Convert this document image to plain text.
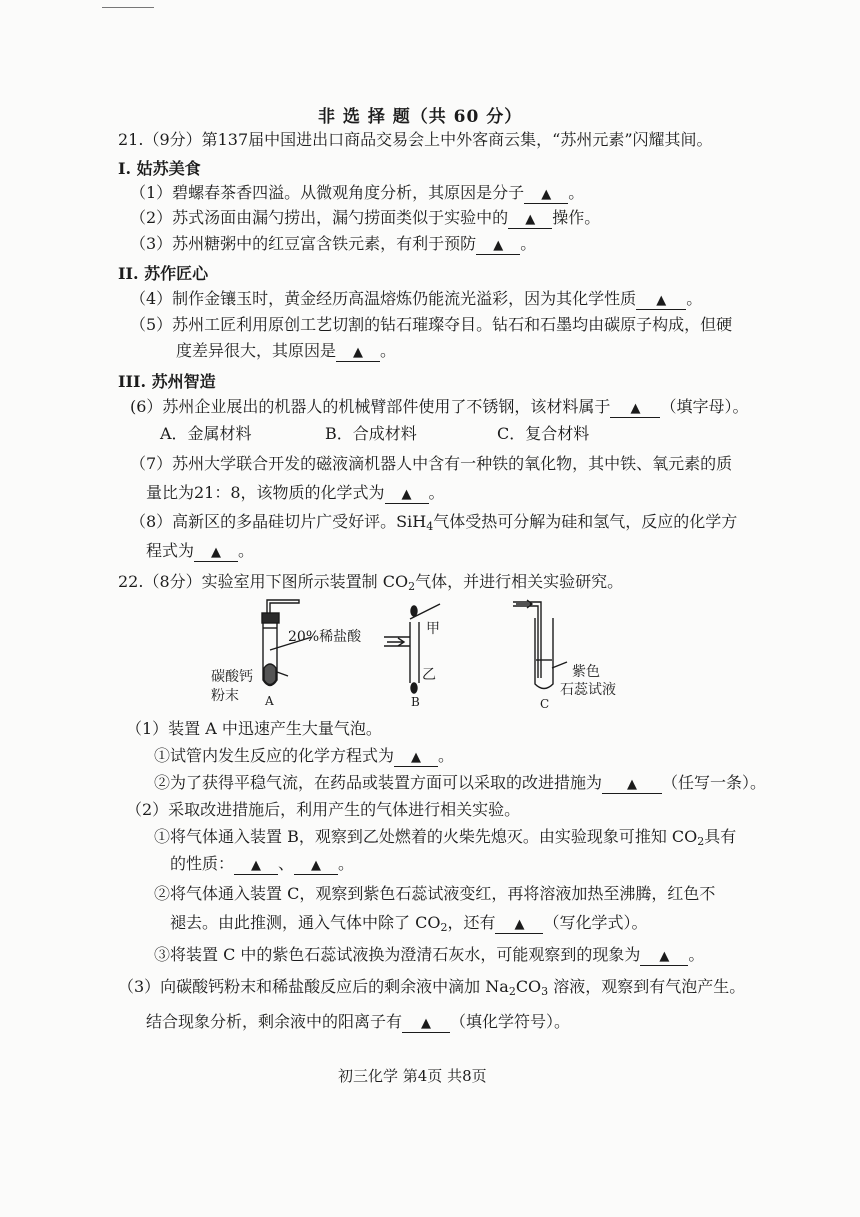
非 选 择 题（共 60 分）
21.（9分）第137届中国进出口商品交易会上中外客商云集，“苏州元素”闪耀其间。
I. 姑苏美食
（1）碧螺春茶香四溢。从微观角度分析，其原因是分子 ▲ 。
（2）苏式汤面由漏勺捞出，漏勺捞面类似于实验中的 ▲ 操作。
（3）苏州糖粥中的红豆富含铁元素，有利于预防 ▲ 。
II. 苏作匠心
（4）制作金镶玉时，黄金经历高温熔炼仍能流光溢彩，因为其化学性质 ▲ 。
（5）苏州工匠利用原创工艺切割的钻石璀璨夺目。钻石和石墨均由碳原子构成，但硬
度差异很大，其原因是 ▲ 。
III. 苏州智造
(6）苏州企业展出的机器人的机械臂部件使用了不锈钢，该材料属于 ▲ （填字母）。
A．金属材料	B．合成材料	C．复合材料
（7）苏州大学联合开发的磁液滴机器人中含有一种铁的氧化物，其中铁、氧元素的质
量比为21：8，该物质的化学式为 ▲ 。
（8）高新区的多晶硅切片广受好评。SiH$_4$气体受热可分解为硅和氢气，反应的化学方
程式为 ▲ 。
22.（8分）实验室用下图所示装置制 $CO_2$气体，并进行相关实验研究。
碳酸钙
粉末
20%稀盐酸
A
甲
乙
B
紫色
石蕊试液
C
（1）装置 A 中迅速产生大量气泡。
①试管内发生反应的化学方程式为 ▲ 。
②为了获得平稳气流，在药品或装置方面可以采取的改进措施为 ▲ （任写一条）。
（2）采取改进措施后，利用产生的气体进行相关实验。
①将气体通入装置 B，观察到乙处燃着的火柴先熄灭。由实验现象可推知 $CO_2$具有
的性质： ▲ 、 ▲ 。
②将气体通入装置 C，观察到紫色石蕊试液变红，再将溶液加热至沸腾，红色不
褪去。由此推测，通入气体中除了 $CO_2$，还有 ▲ （写化学式）。
③将装置 C 中的紫色石蕊试液换为澄清石灰水，可能观察到的现象为 ▲ 。
（3）向碳酸钙粉末和稀盐酸反应后的剩余液中滴加 $Na_2CO_3$ 溶液，观察到有气泡产生。
结合现象分析，剩余液中的阳离子有 ▲ （填化学符号）。
初三化学 第4页 共8页
